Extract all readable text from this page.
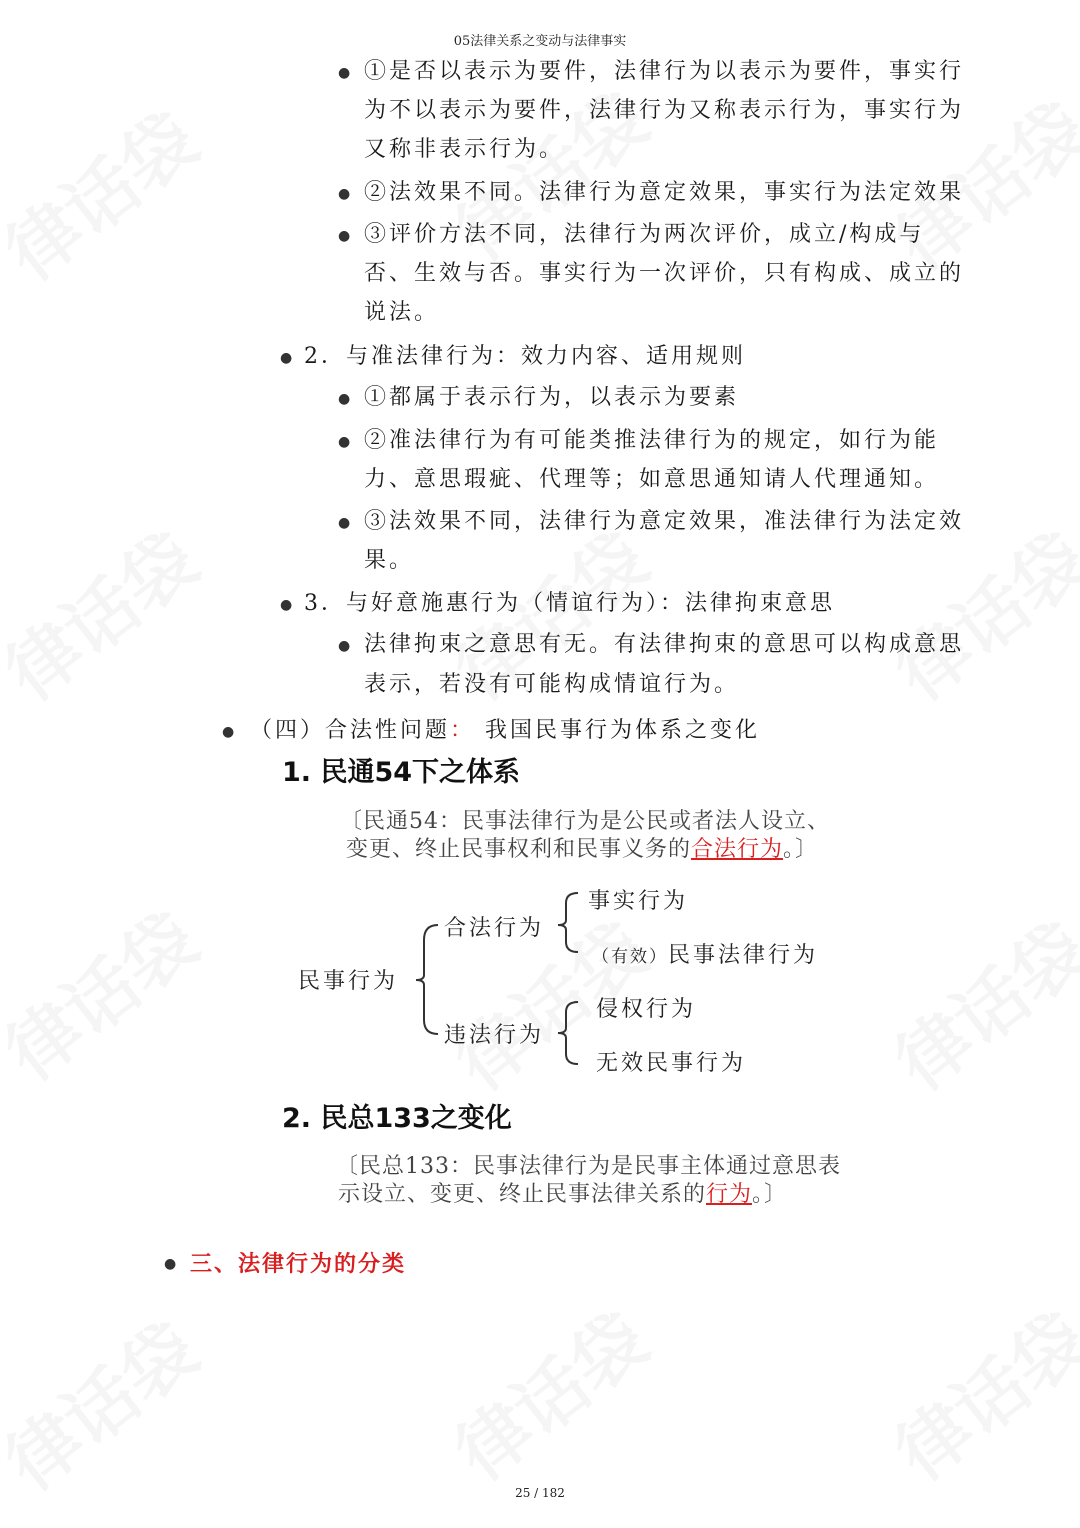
05法律关系之变动与法律事实
● ①是否以表示为要件，法律行为以表示为要件，事实行
为不以表示为要件，法律行为又称表示行为，事实行为
又称非表示行为。
● ②法效果不同。法律行为意定效果，事实行为法定效果
● ③评价方法不同，法律行为两次评价，成立/构成与
否、生效与否。事实行为一次评价，只有构成、成立的
说法。
● 2．与准法律行为：效力内容、适用规则
● ①都属于表示行为，以表示为要素
● ②准法律行为有可能类推法律行为的规定，如行为能
力、意思瑕疵、代理等；如意思通知请人代理通知。
● ③法效果不同，法律行为意定效果，准法律行为法定效
果。
● 3．与好意施惠行为（情谊行为）：法律拘束意思
● 法律拘束之意思有无。有法律拘束的意思可以构成意思
表示，若没有可能构成情谊行为。
● （四）合法性问题： 我国民事行为体系之变化
1. 民通54下之体系
〔民通54：民事法律行为是公民或者法人设立、
变更、终止民事权利和民事义务的合法行为。〕
民事行为
合法行为
违法行为
事实行为
（有效）民事法律行为
侵权行为
无效民事行为
2. 民总133之变化
〔民总133：民事法律行为是民事主体通过意思表
示设立、变更、终止民事法律关系的行为。〕
● 三、法律行为的分类
25 / 182
